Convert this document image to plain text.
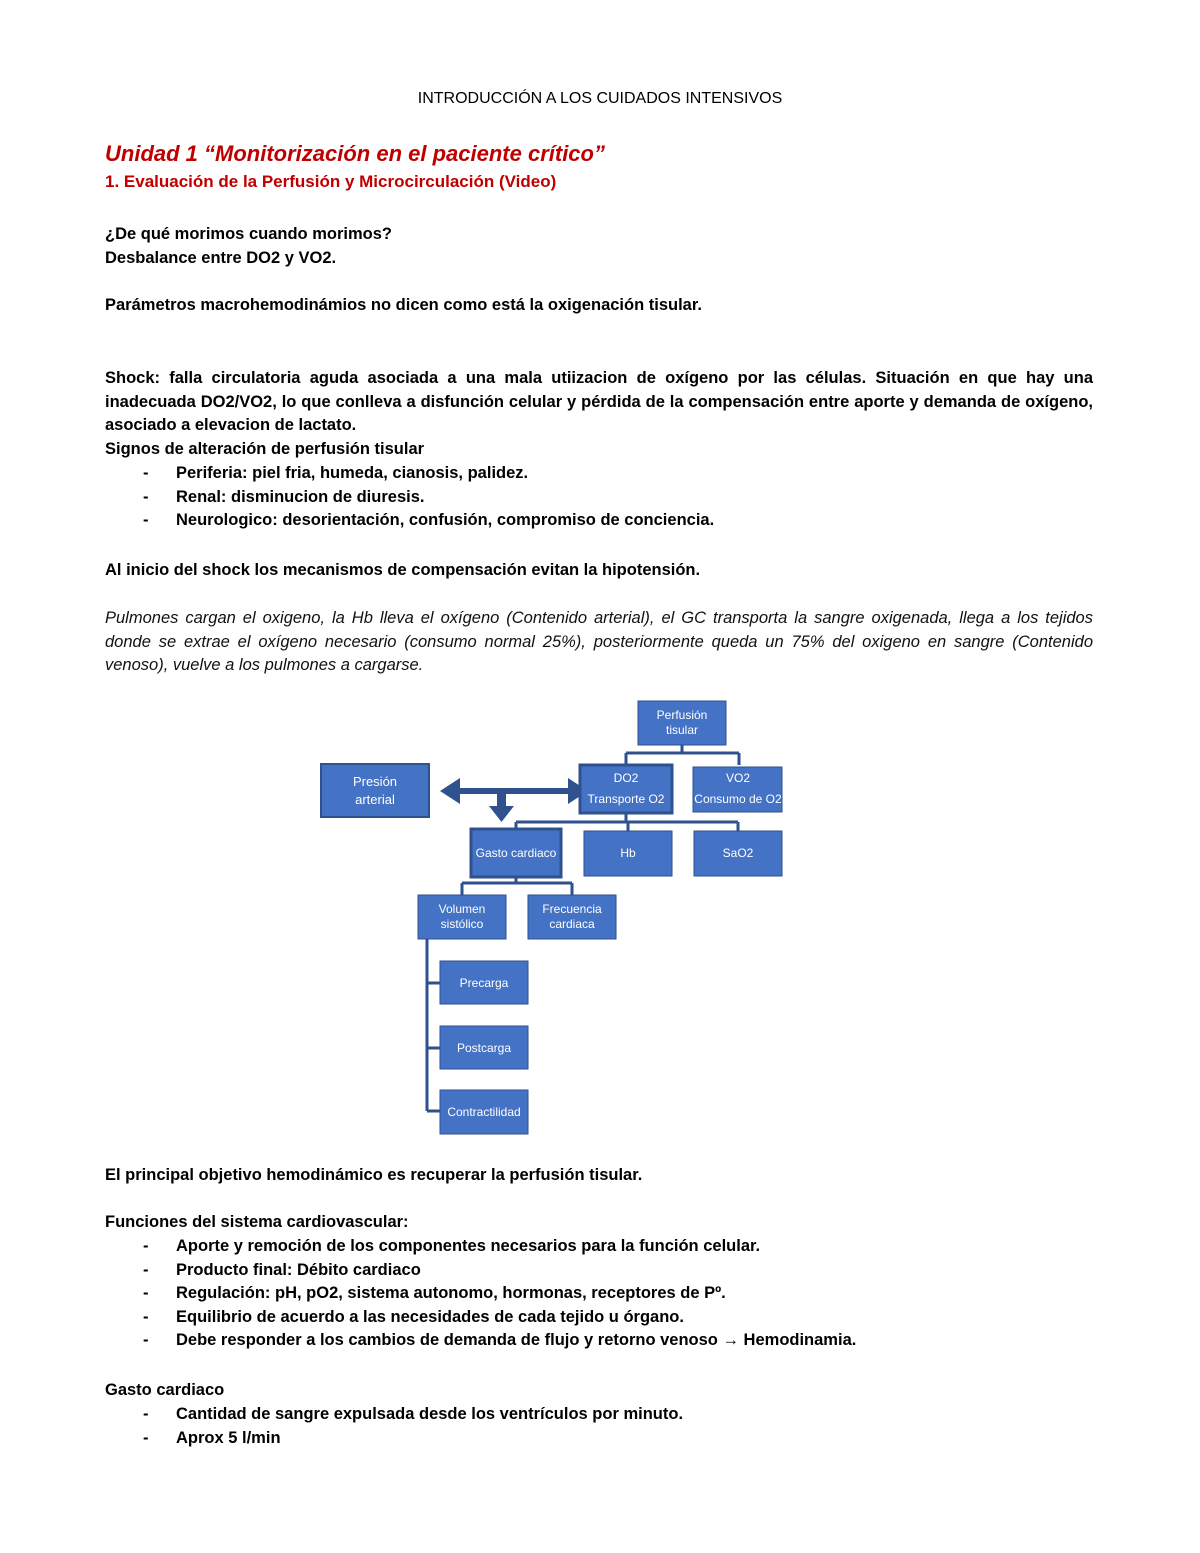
INTRODUCCIÓN A LOS CUIDADOS INTENSIVOS
Unidad 1 “Monitorización en el paciente crítico”
1. Evaluación de la Perfusión y Microcirculación (Video)
¿De qué morimos cuando morimos?
Desbalance entre DO2 y VO2.
Parámetros macrohemodinámios no dicen como está la oxigenación tisular.
Shock: falla circulatoria aguda asociada a una mala utiizacion de oxígeno por las células. Situación en que hay una inadecuada DO2/VO2, lo que conlleva a disfunción celular y pérdida de la compensación entre aporte y demanda de oxígeno, asociado a elevacion de lactato.
Signos de alteración de perfusión tisular
- Periferia: piel fria, humeda, cianosis, palidez.
- Renal: disminucion de diuresis.
- Neurologico: desorientación, confusión, compromiso de conciencia.
Al inicio del shock los mecanismos de compensación evitan la hipotensión.
Pulmones cargan el oxigeno, la Hb lleva el oxígeno (Contenido arterial), el GC transporta la sangre oxigenada, llega a los tejidos donde se extrae el oxígeno necesario (consumo normal 25%), posteriormente queda un 75% del oxigeno en sangre (Contenido venoso), vuelve a los pulmones a cargarse.
Perfusión
tisular
Presión
arterial
DO2
Transporte O2
VO2
Consumo de O2
Gasto cardiaco	Hb	SaO2
Volumen
sistólico
Frecuencia
cardiaca
Precarga
Postcarga
Contractilidad
El principal objetivo hemodinámico es recuperar la perfusión tisular.
Funciones del sistema cardiovascular:
- Aporte y remoción de los componentes necesarios para la función celular.
- Producto final: Débito cardiaco
- Regulación: pH, pO2, sistema autonomo, hormonas, receptores de Pº.
- Equilibrio de acuerdo a las necesidades de cada tejido u órgano.
- Debe responder a los cambios de demanda de flujo y retorno venoso → Hemodinamia.
Gasto cardiaco
- Cantidad de sangre expulsada desde los ventrículos por minuto.
- Aprox 5 l/min
